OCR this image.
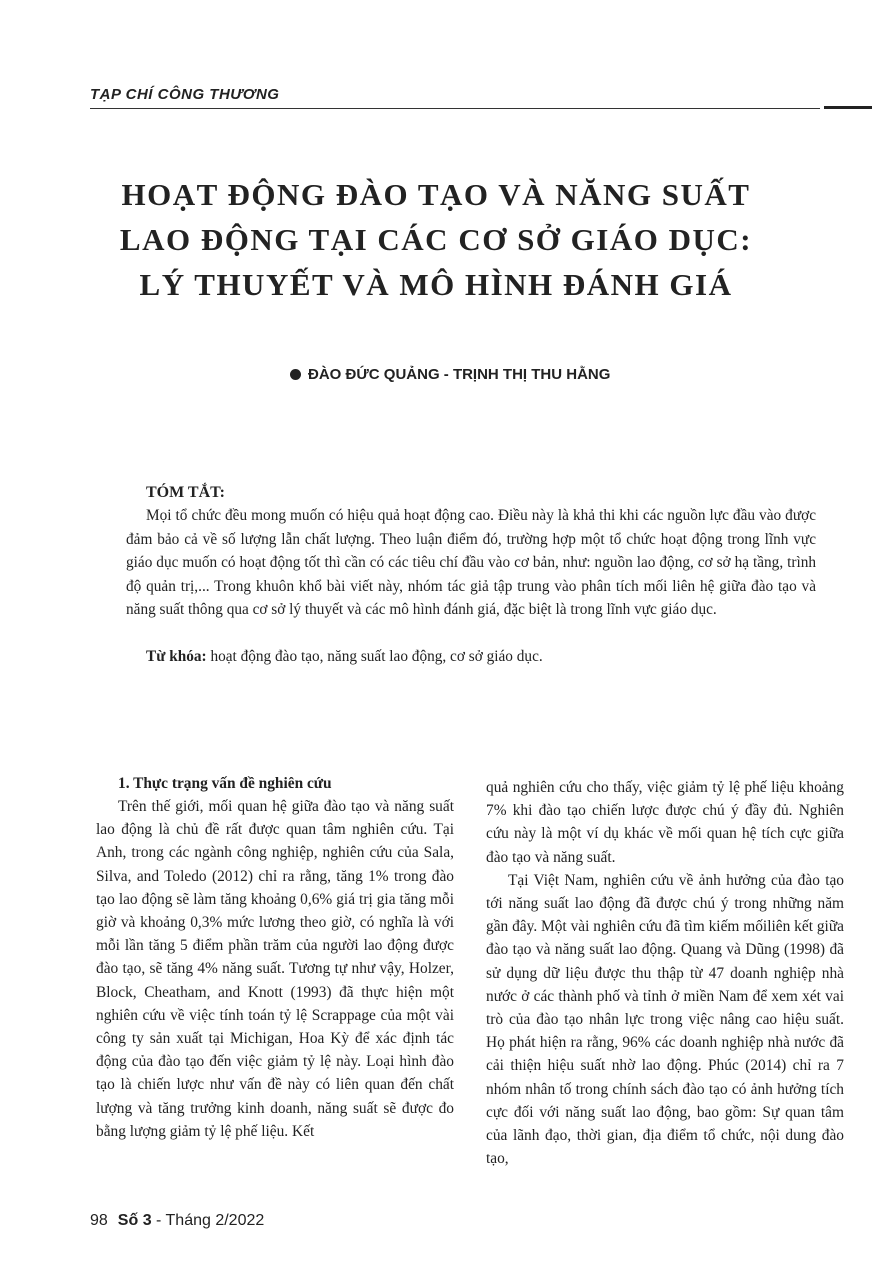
TẠP CHÍ CÔNG THƯƠNG
HOẠT ĐỘNG ĐÀO TẠO VÀ NĂNG SUẤT
LAO ĐỘNG TẠI CÁC CƠ SỞ GIÁO DỤC:
LÝ THUYẾT VÀ MÔ HÌNH ĐÁNH GIÁ
ĐÀO ĐỨC QUẢNG - TRỊNH THỊ THU HẰNG
TÓM TẮT:
Mọi tổ chức đều mong muốn có hiệu quả hoạt động cao. Điều này là khả thi khi các nguồn lực đầu vào được đảm bảo cả về số lượng lẫn chất lượng. Theo luận điểm đó, trường hợp một tổ chức hoạt động trong lĩnh vực giáo dục muốn có hoạt động tốt thì cần có các tiêu chí đầu vào cơ bản, như: nguồn lao động, cơ sở hạ tầng, trình độ quản trị,... Trong khuôn khổ bài viết này, nhóm tác giả tập trung vào phân tích mối liên hệ giữa đào tạo và năng suất thông qua cơ sở lý thuyết và các mô hình đánh giá, đặc biệt là trong lĩnh vực giáo dục.
Từ khóa: hoạt động đào tạo, năng suất lao động, cơ sở giáo dục.

1. Thực trạng vấn đề nghiên cứu

Trên thế giới, mối quan hệ giữa đào tạo và năng suất lao động là chủ đề rất được quan tâm nghiên cứu. Tại Anh, trong các ngành công nghiệp, nghiên cứu của Sala, Silva, and Toledo (2012) chỉ ra rằng, tăng 1% trong đào tạo lao động sẽ làm tăng khoảng 0,6% giá trị gia tăng mỗi giờ và khoảng 0,3% mức lương theo giờ, có nghĩa là với mỗi lần tăng 5 điểm phần trăm của người lao động được đào tạo, sẽ tăng 4% năng suất. Tương tự như vậy, Holzer, Block, Cheatham, and Knott (1993) đã thực hiện một nghiên cứu về việc tính toán tỷ lệ Scrappage của một vài công ty sản xuất tại Michigan, Hoa Kỳ để xác định tác động của đào tạo đến việc giảm tỷ lệ này. Loại hình đào tạo là chiến lược như vấn đề này có liên quan đến chất lượng và tăng trưởng kinh doanh, năng suất sẽ được đo bằng lượng giảm tỷ lệ phế liệu. Kết

quả nghiên cứu cho thấy, việc giảm tỷ lệ phế liệu khoảng 7% khi đào tạo chiến lược được chú ý đầy đủ. Nghiên cứu này là một ví dụ khác về mối quan hệ tích cực giữa đào tạo và năng suất.

Tại Việt Nam, nghiên cứu về ảnh hưởng của đào tạo tới năng suất lao động đã được chú ý trong những năm gần đây. Một vài nghiên cứu đã tìm kiếm mốiliên kết giữa đào tạo và năng suất lao động. Quang và Dũng (1998) đã sử dụng dữ liệu được thu thập từ 47 doanh nghiệp nhà nước ở các thành phố và tỉnh ở miền Nam để xem xét vai trò của đào tạo nhân lực trong việc nâng cao hiệu suất. Họ phát hiện ra rằng, 96% các doanh nghiệp nhà nước đã cải thiện hiệu suất nhờ lao động. Phúc (2014) chỉ ra 7 nhóm nhân tố trong chính sách đào tạo có ảnh hưởng tích cực đối với năng suất lao động, bao gồm: Sự quan tâm của lãnh đạo, thời gian, địa điểm tổ chức, nội dung đào tạo,

98 Số 3 - Tháng 2/2022
